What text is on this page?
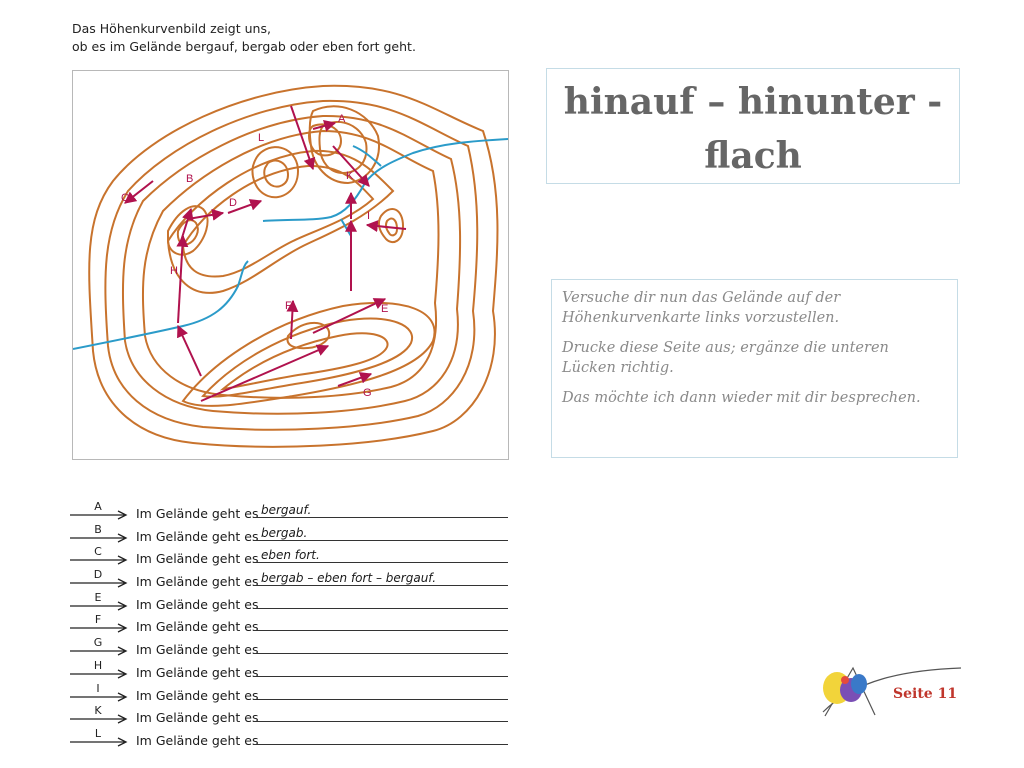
Das Höhenkurvenbild zeigt uns,
ob es im Gelände bergauf, bergab oder eben fort geht.
A
B
C	D
E
F
G
H
I
K
L
hinauf – hinunter -
flach

Versuche dir nun das Gelände auf der Höhenkurvenkarte links vorzustellen.

Drucke diese Seite aus; ergänze die unteren Lücken richtig.

Das möchte ich dann wieder mit dir besprechen.

A	Im Gelände geht es bergauf.
B	Im Gelände geht es bergab.
C	Im Gelände geht es eben fort.
D	Im Gelände geht es bergab – eben fort – bergauf.
E	Im Gelände geht es
F	Im Gelände geht es
G	Im Gelände geht es
H	Im Gelände geht es
I	Im Gelände geht es
K	Im Gelände geht es
L	Im Gelände geht es
Seite 11
